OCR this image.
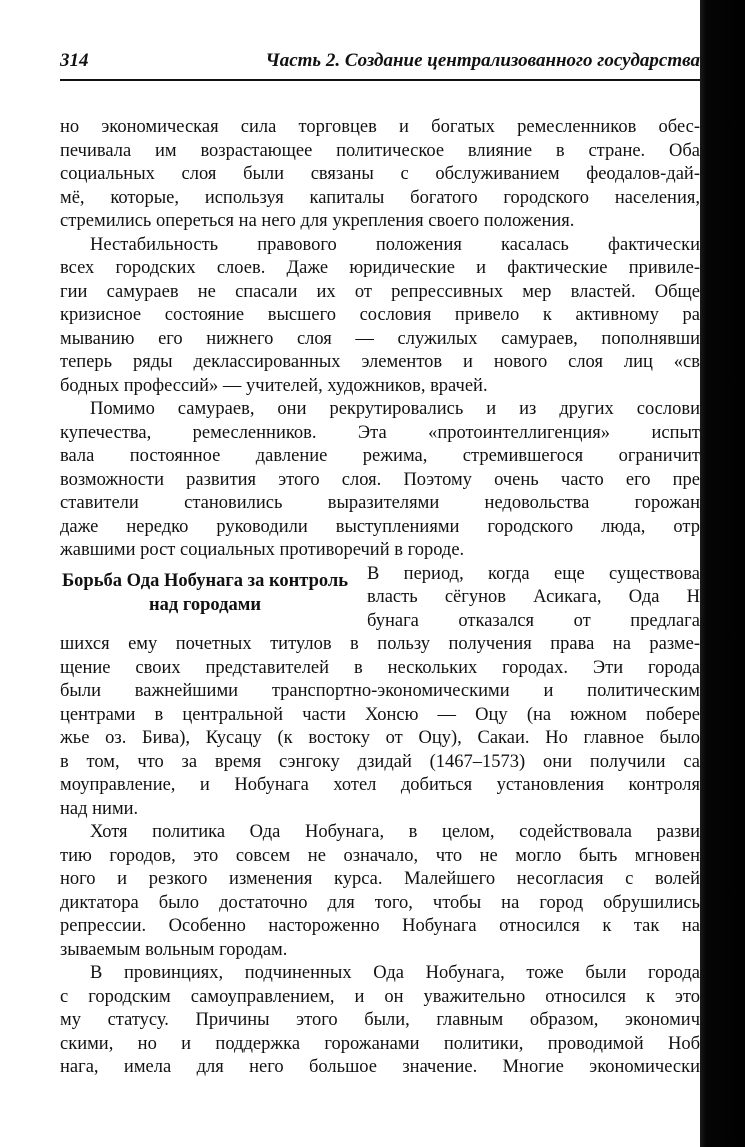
314	Часть 2. Создание централизованного государства
но экономическая сила торговцев и богатых ремесленников обес-
печивала им возрастающее политическое влияние в стране. Оба
социальных слоя были связаны с обслуживанием феодалов-дай-
мё, которые, используя капиталы богатого городского населения,
стремились опереться на него для укрепления своего положения.
Нестабильность правового положения касалась фактически
всех городских слоев. Даже юридические и фактические привиле-
гии самураев не спасали их от репрессивных мер властей. Обще
кризисное состояние высшего сословия привело к активному ра
мыванию его нижнего слоя — служилых самураев, пополнявши
теперь ряды деклассированных элементов и нового слоя лиц «св
бодных профессий» — учителей, художников, врачей.
Помимо самураев, они рекрутировались и из других сослови
купечества, ремесленников. Эта «протоинтеллигенция» испыт
вала постоянное давление режима, стремившегося ограничит
возможности развития этого слоя. Поэтому очень часто его пре
ставители становились выразителями недовольства горожан
даже нередко руководили выступлениями городского люда, отр
жавшими рост социальных противоречий в городе.
Борьба Ода Нобунага за контроль над городами
В период, когда еще существова
власть сёгунов Асикага, Ода Н
бунага отказался от предлага
шихся ему почетных титулов в пользу получения права на разме-
щение своих представителей в нескольких городах. Эти города
были важнейшими транспортно-экономическими и политическим
центрами в центральной части Хонсю — Оцу (на южном побере
жье оз. Бива), Кусацу (к востоку от Оцу), Сакаи. Но главное было
в том, что за время сэнгоку дзидай (1467–1573) они получили са
моуправление, и Нобунага хотел добиться установления контроля
над ними.
Хотя политика Ода Нобунага, в целом, содействовала разви
тию городов, это совсем не означало, что не могло быть мгновен
ного и резкого изменения курса. Малейшего несогласия с волей
диктатора было достаточно для того, чтобы на город обрушились
репрессии. Особенно настороженно Нобунага относился к так на
зываемым вольным городам.
В провинциях, подчиненных Ода Нобунага, тоже были города
с городским самоуправлением, и он уважительно относился к это
му статусу. Причины этого были, главным образом, экономич
скими, но и поддержка горожанами политики, проводимой Ноб
нага, имела для него большое значение. Многие экономически
